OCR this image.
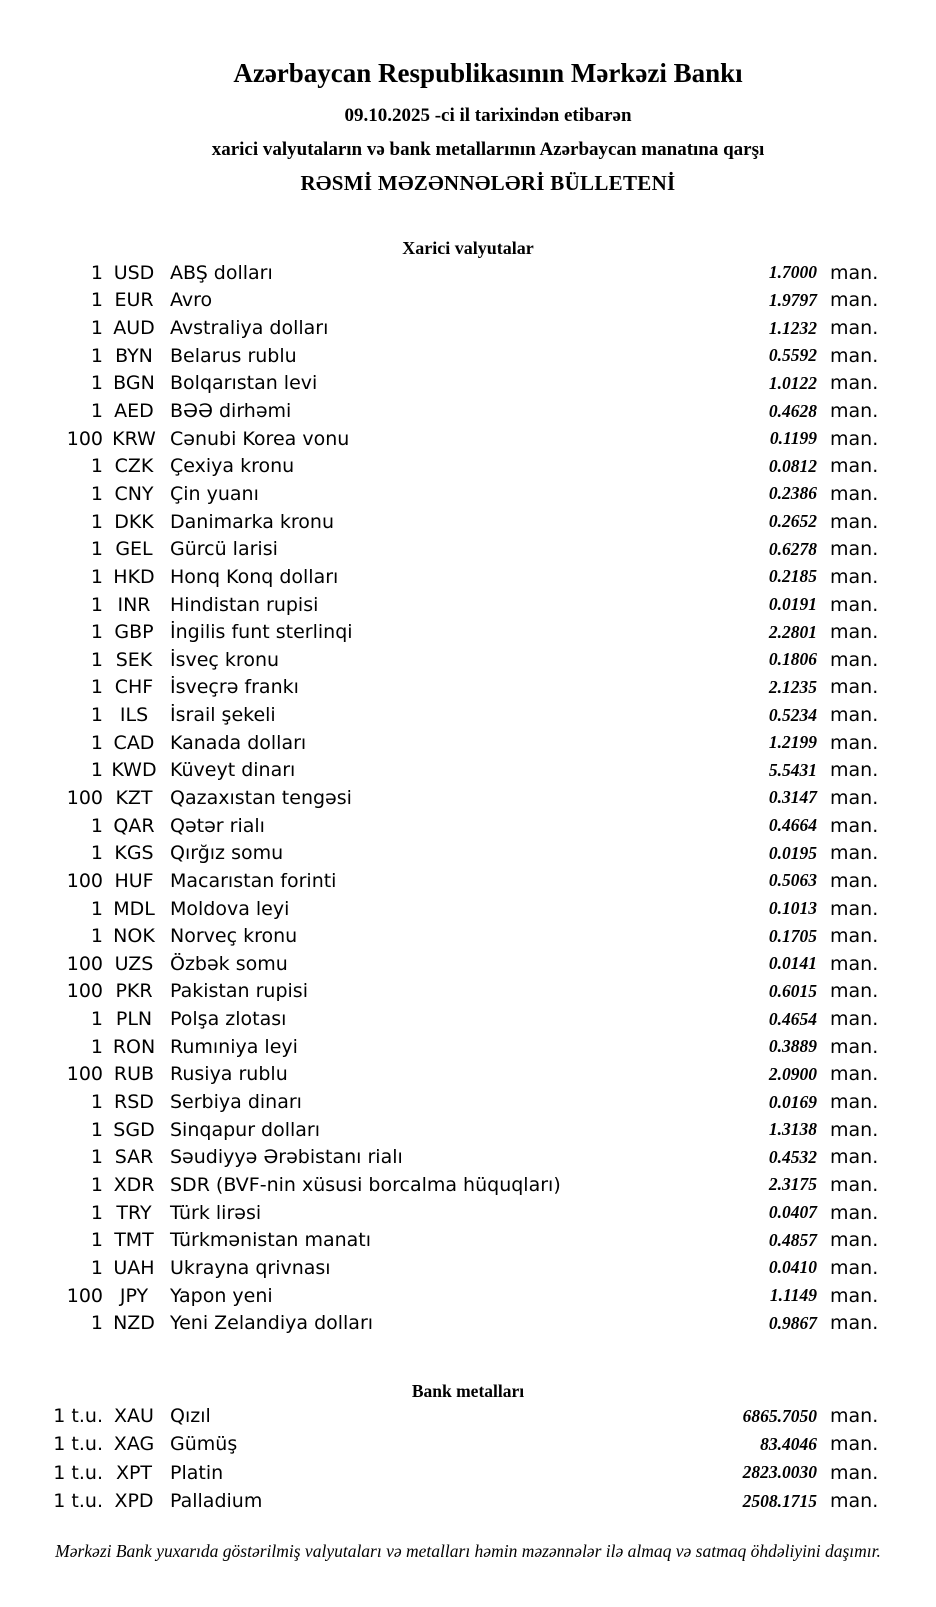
Azərbaycan Respublikasının Mərkəzi Bankı
09.10.2025 -ci il tarixindən etibarən
xarici valyutaların və bank metallarının Azərbaycan manatına qarşı
RƏSMİ MƏZƏNNƏLƏRİ BÜLLETENİ
Xarici valyutalar
1 USD ABŞ dolları	1.7000 man.
1 EUR Avro	1.9797 man.
1 AUD Avstraliya dolları	1.1232 man.
1 BYN Belarus rublu	0.5592 man.
1 BGN Bolqarıstan levi	1.0122 man.
1 AED BƏƏ dirhəmi	0.4628 man.
100 KRW Cənubi Korea vonu	0.1199 man.
1 CZK Çexiya kronu	0.0812 man.
1 CNY Çin yuanı	0.2386 man.
1 DKK Danimarka kronu	0.2652 man.
1 GEL Gürcü larisi	0.6278 man.
1 HKD Honq Konq dolları	0.2185 man.
1 INR	Hindistan rupisi	0.0191 man.
1 GBP İngilis funt sterlinqi	2.2801 man.
1 SEK İsveç kronu	0.1806 man.
1 CHF İsveçrə frankı	2.1235 man.
1 ILS	İsrail şekeli	0.5234 man.
1 CAD Kanada dolları	1.2199 man.
1 KWD Küveyt dinarı	5.5431 man.
100 KZT Qazaxıstan tengəsi	0.3147 man.
1 QAR Qətər rialı	0.4664 man.
1 KGS Qırğız somu	0.0195 man.
100 HUF Macarıstan forinti	0.5063 man.
1 MDL Moldova leyi	0.1013 man.
1 NOK Norveç kronu	0.1705 man.
100 UZS Özbək somu	0.0141 man.
100 PKR Pakistan rupisi	0.6015 man.
1 PLN Polşa zlotası	0.4654 man.
1 RON Rumıniya leyi	0.3889 man.
100 RUB Rusiya rublu	2.0900 man.
1 RSD Serbiya dinarı	0.0169 man.
1 SGD Sinqapur dolları	1.3138 man.
1 SAR Səudiyyə Ərəbistanı rialı	0.4532 man.
1 XDR SDR (BVF-nin xüsusi borcalma hüquqları)	2.3175 man.
1 TRY Türk lirəsi	0.0407 man.
1 TMT Türkmənistan manatı	0.4857 man.
1 UAH Ukrayna qrivnası	0.0410 man.
100 JPY	Yapon yeni	1.1149 man.
1 NZD Yeni Zelandiya dolları	0.9867 man.
Bank metalları
1 t.u. XAU Qızıl	6865.7050 man.
1 t.u. XAG Gümüş	83.4046 man.
1 t.u. XPT Platin	2823.0030 man.
1 t.u. XPD Palladium	2508.1715 man.
Mərkəzi Bank yuxarıda göstərilmiş valyutaları və metalları həmin məzənnələr ilə almaq və satmaq öhdəliyini daşımır.
